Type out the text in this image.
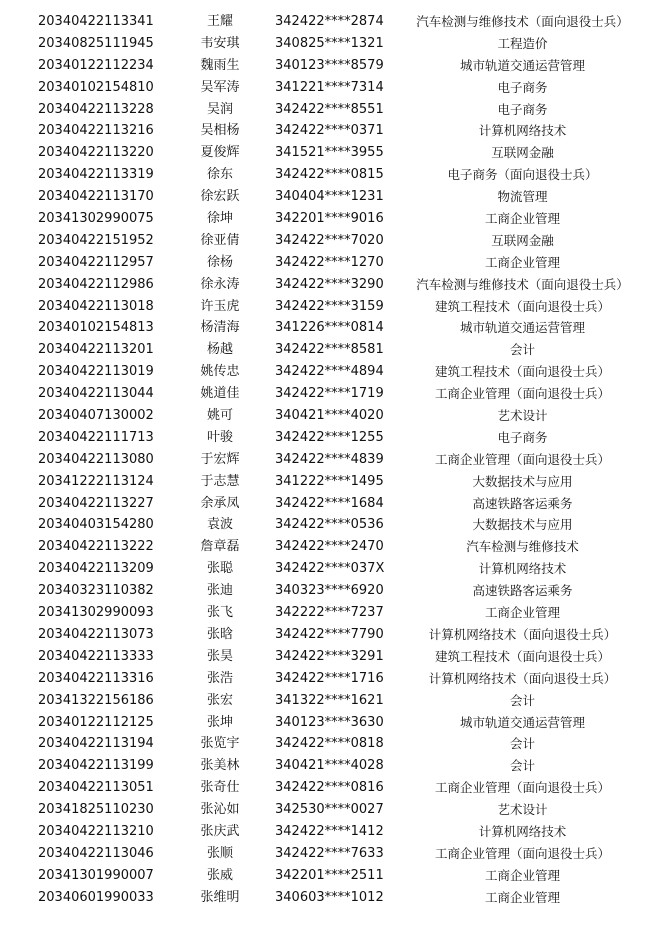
20340422113341	王耀	342422****2874	汽车检测与维修技术（面向退役士兵）
20340825111945	韦安琪	340825****1321	工程造价
20340122112234	魏雨生	340123****8579	城市轨道交通运营管理
20340102154810	吴军涛	341221****7314	电子商务
20340422113228	吴润	342422****8551	电子商务
20340422113216	吴相杨	342422****0371	计算机网络技术
20340422113220	夏俊辉	341521****3955	互联网金融
20340422113319	徐东	342422****0815	电子商务（面向退役士兵）
20340422113170	徐宏跃	340404****1231	物流管理
20341302990075	徐坤	342201****9016	工商企业管理
20340422151952	徐亚倩	342422****7020	互联网金融
20340422112957	徐杨	342422****1270	工商企业管理
20340422112986	徐永涛	342422****3290	汽车检测与维修技术（面向退役士兵）
20340422113018	许玉虎	342422****3159	建筑工程技术（面向退役士兵）
20340102154813	杨清海	341226****0814	城市轨道交通运营管理
20340422113201	杨越	342422****8581	会计
20340422113019	姚传忠	342422****4894	建筑工程技术（面向退役士兵）
20340422113044	姚道佳	342422****1719	工商企业管理（面向退役士兵）
20340407130002	姚可	340421****4020	艺术设计
20340422111713	叶骏	342422****1255	电子商务
20340422113080	于宏辉	342422****4839	工商企业管理（面向退役士兵）
20341222113124	于志慧	341222****1495	大数据技术与应用
20340422113227	余承凤	342422****1684	高速铁路客运乘务
20340403154280	袁波	342422****0536	大数据技术与应用
20340422113222	詹章磊	342422****2470	汽车检测与维修技术
20340422113209	张聪	342422****037X	计算机网络技术
20340323110382	张迪	340323****6920	高速铁路客运乘务
20341302990093	张飞	342222****7237	工商企业管理
20340422113073	张晗	342422****7790	计算机网络技术（面向退役士兵）
20340422113333	张昊	342422****3291	建筑工程技术（面向退役士兵）
20340422113316	张浩	342422****1716	计算机网络技术（面向退役士兵）
20341322156186	张宏	341322****1621	会计
20340122112125	张坤	340123****3630	城市轨道交通运营管理
20340422113194	张览宇	342422****0818	会计
20340422113199	张美林	340421****4028	会计
20340422113051	张奇仕	342422****0816	工商企业管理（面向退役士兵）
20341825110230	张沁如	342530****0027	艺术设计
20340422113210	张庆武	342422****1412	计算机网络技术
20340422113046	张顺	342422****7633	工商企业管理（面向退役士兵）
20341301990007	张威	342201****2511	工商企业管理
20340601990033	张维明	340603****1012	工商企业管理
